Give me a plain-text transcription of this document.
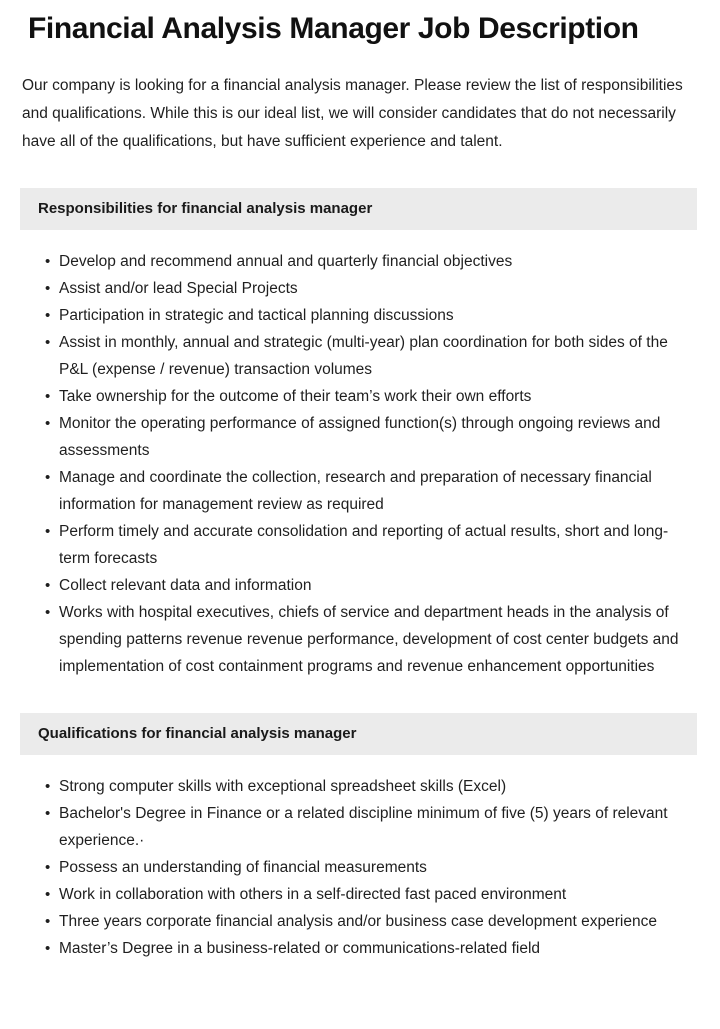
Financial Analysis Manager Job Description

Our company is looking for a financial analysis manager. Please review the list of responsibilities and qualifications. While this is our ideal list, we will consider candidates that do not necessarily have all of the qualifications, but have sufficient experience and talent.

Responsibilities for financial analysis manager
• Develop and recommend annual and quarterly financial objectives
• Assist and/or lead Special Projects
• Participation in strategic and tactical planning discussions
• Assist in monthly, annual and strategic (multi-year) plan coordination for both sides of the P&L (expense / revenue) transaction volumes
• Take ownership for the outcome of their team’s work their own efforts
• Monitor the operating performance of assigned function(s) through ongoing reviews and assessments
• Manage and coordinate the collection, research and preparation of necessary financial information for management review as required
• Perform timely and accurate consolidation and reporting of actual results, short and long-term forecasts
• Collect relevant data and information
• Works with hospital executives, chiefs of service and department heads in the analysis of spending patterns revenue revenue performance, development of cost center budgets and implementation of cost containment programs and revenue enhancement opportunities
Qualifications for financial analysis manager
• Strong computer skills with exceptional spreadsheet skills (Excel)
• Bachelor's Degree in Finance or a related discipline minimum of five (5) years of relevant experience.·
• Possess an understanding of financial measurements
• Work in collaboration with others in a self-directed fast paced environment
• Three years corporate financial analysis and/or business case development experience
• Master’s Degree in a business-related or communications-related field
